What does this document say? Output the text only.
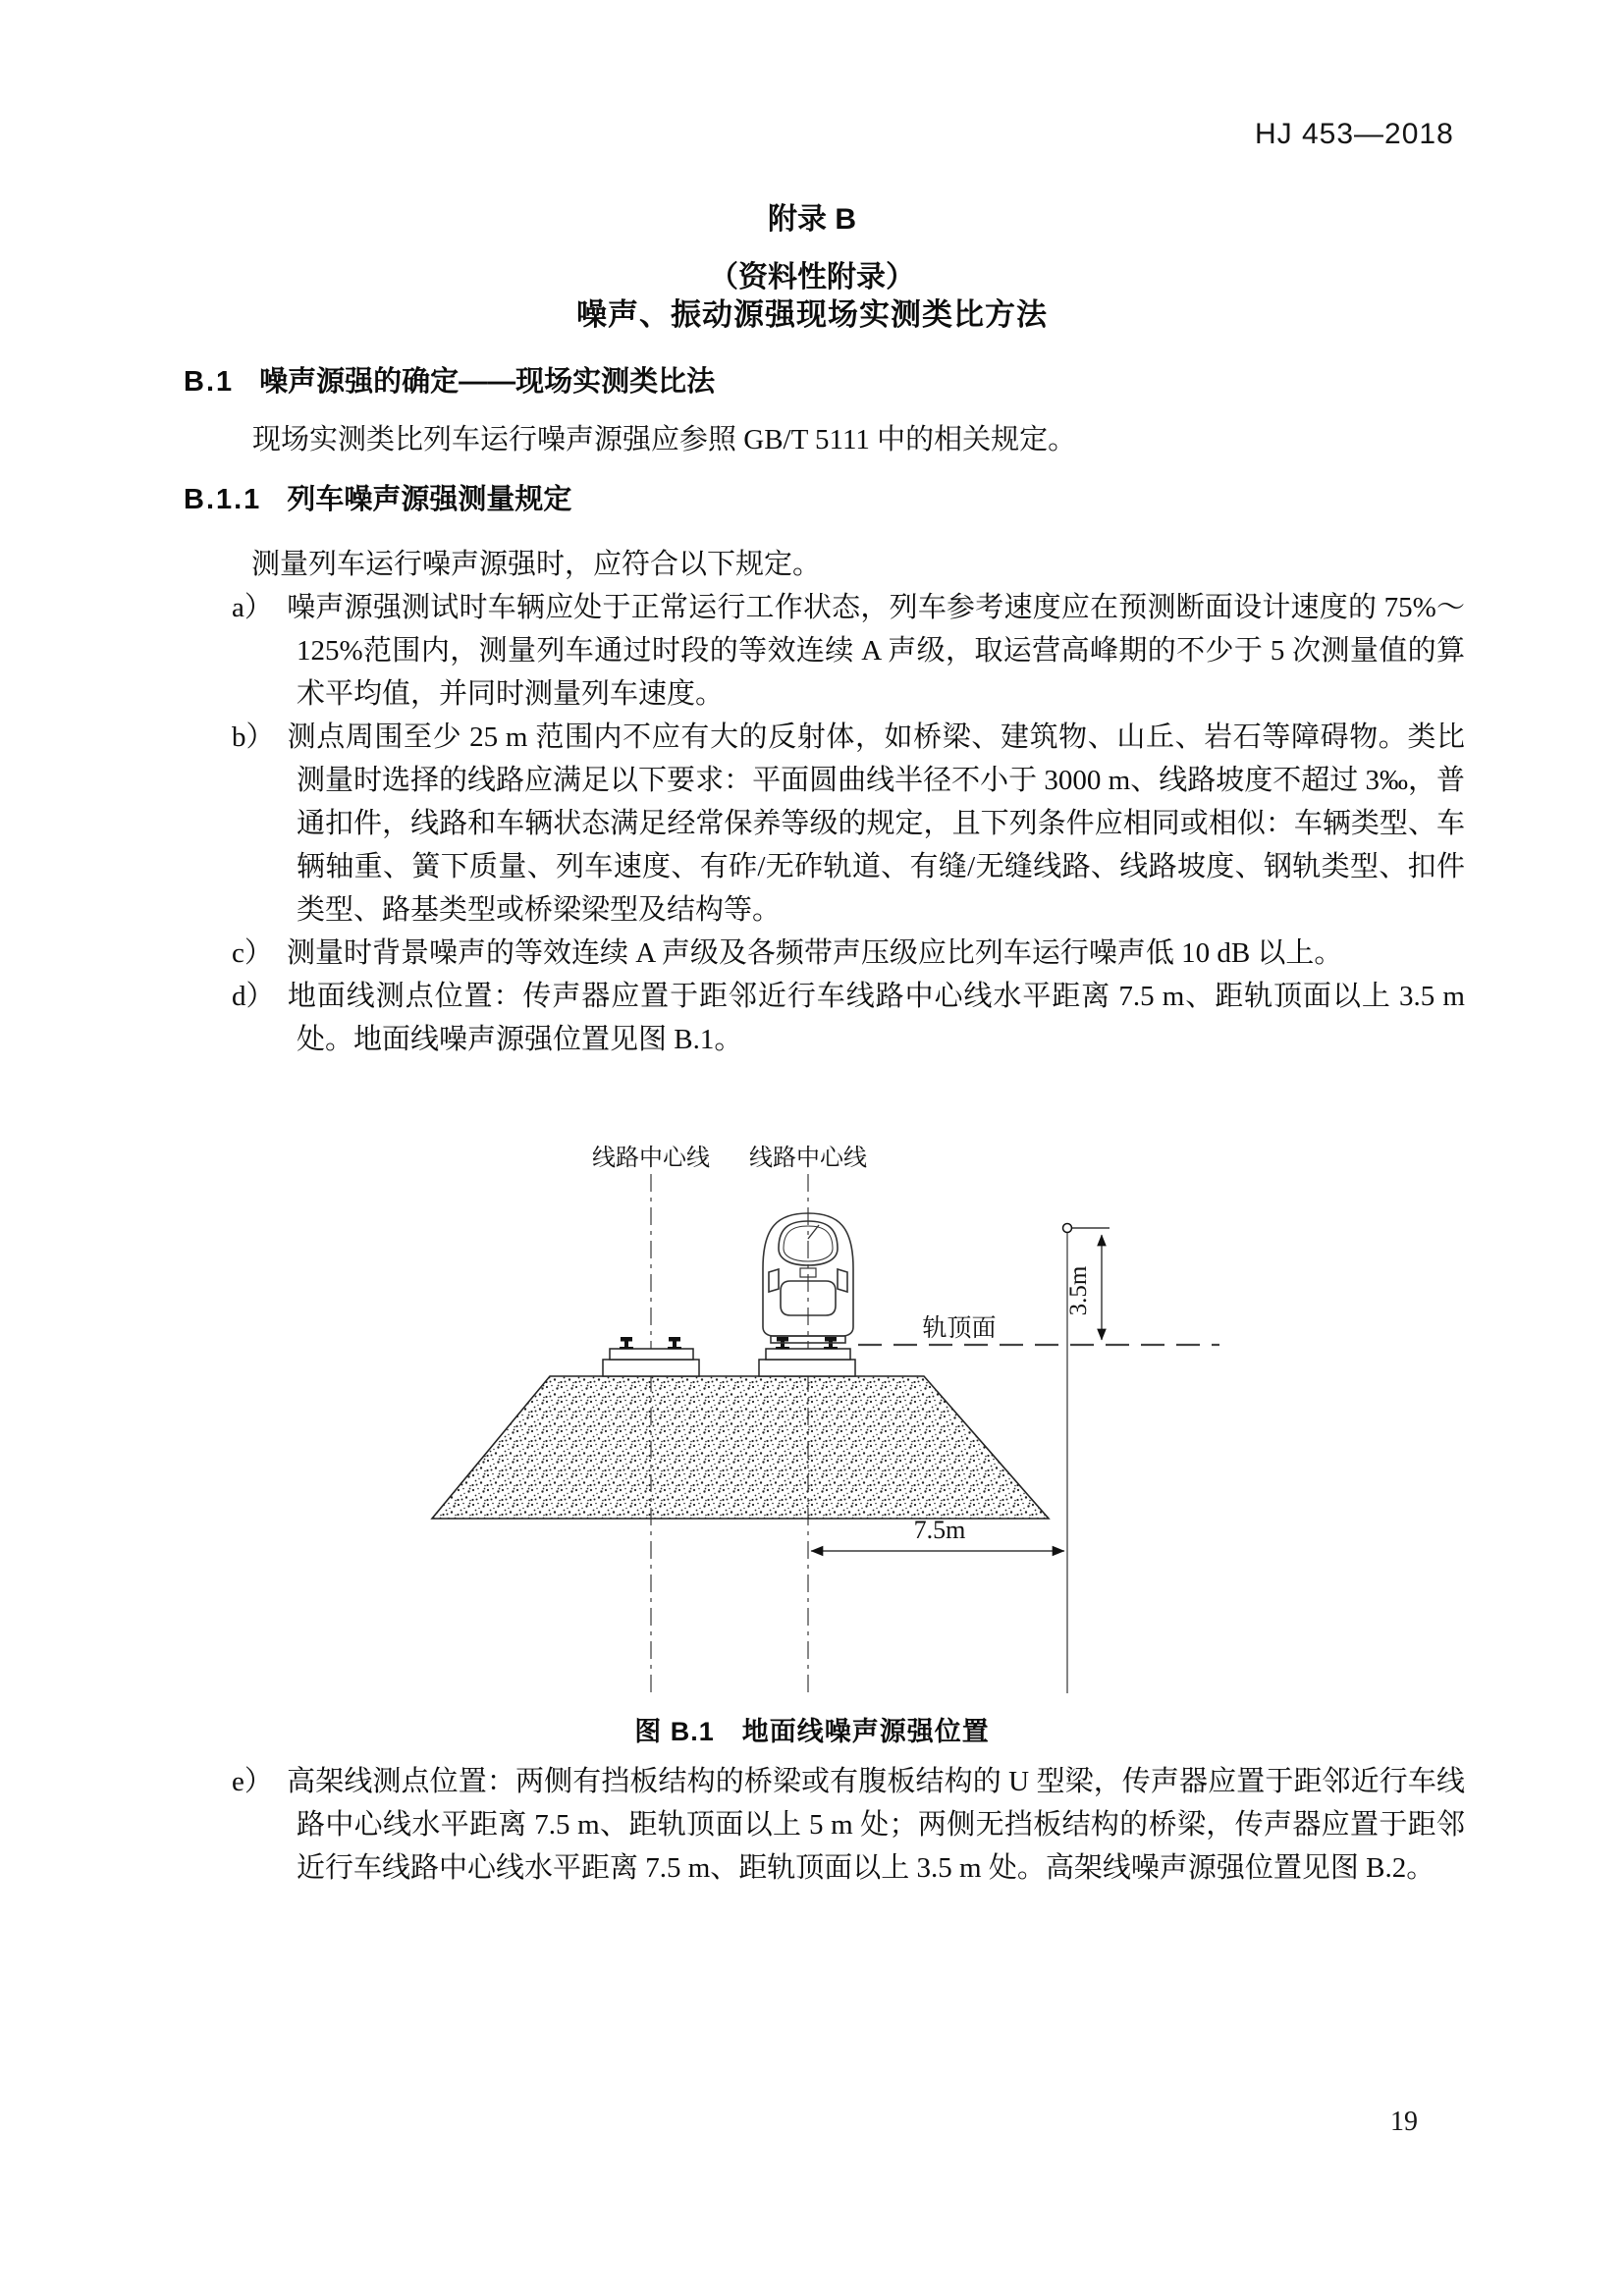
HJ 453—2018
附录 B
（资料性附录）
噪声、振动源强现场实测类比方法
B.1 噪声源强的确定——现场实测类比法
现场实测类比列车运行噪声源强应参照 GB/T 5111 中的相关规定。
B.1.1 列车噪声源强测量规定
测量列车运行噪声源强时，应符合以下规定。
a） 噪声源强测试时车辆应处于正常运行工作状态，列车参考速度应在预测断面设计速度的 75%～125%范围内，测量列车通过时段的等效连续 A 声级，取运营高峰期的不少于 5 次测量值的算术平均值，并同时测量列车速度。
b） 测点周围至少 25 m 范围内不应有大的反射体，如桥梁、建筑物、山丘、岩石等障碍物。类比测量时选择的线路应满足以下要求：平面圆曲线半径不小于 3000 m、线路坡度不超过 3‰，普通扣件，线路和车辆状态满足经常保养等级的规定，且下列条件应相同或相似：车辆类型、车辆轴重、簧下质量、列车速度、有砟/无砟轨道、有缝/无缝线路、线路坡度、钢轨类型、扣件类型、路基类型或桥梁梁型及结构等。
c） 测量时背景噪声的等效连续 A 声级及各频带声压级应比列车运行噪声低 10 dB 以上。
d） 地面线测点位置：传声器应置于距邻近行车线路中心线水平距离 7.5 m、距轨顶面以上 3.5 m 处。地面线噪声源强位置见图 B.1。
线路中心线 线路中心线
轨顶面
3.5m
7.5m
图 B.1　地面线噪声源强位置
e） 高架线测点位置：两侧有挡板结构的桥梁或有腹板结构的 U 型梁，传声器应置于距邻近行车线路中心线水平距离 7.5 m、距轨顶面以上 5 m 处；两侧无挡板结构的桥梁，传声器应置于距邻近行车线路中心线水平距离 7.5 m、距轨顶面以上 3.5 m 处。高架线噪声源强位置见图 B.2。
19
